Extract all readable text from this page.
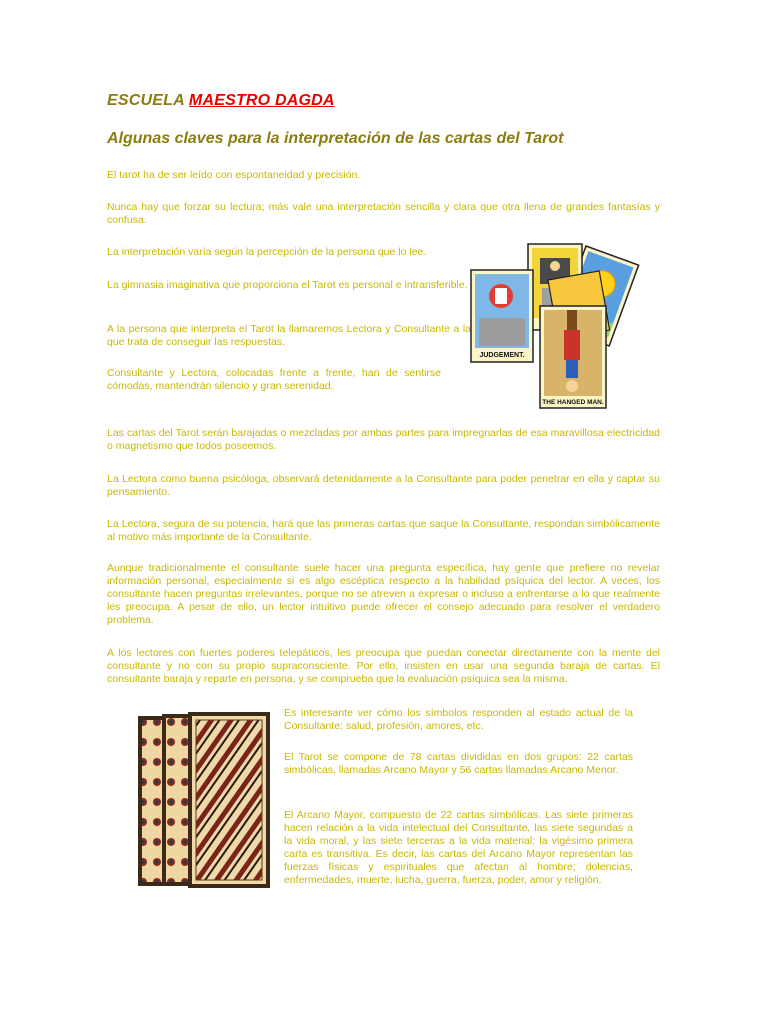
ESCUELA MAESTRO DAGDA

Algunas claves para la interpretación de las cartas del Tarot

El tarot ha de ser leído con espontaneidad y precisión.

Nunca hay que forzar su lectura; más vale una interpretación sencilla y clara que otra llena de grandes fantasías y confusa.

La interpretación varía según la percepción de la persona que lo lee.

La gimnasia imaginativa que proporciona el Tarot es personal e intransferible.

A la persona que interpreta el Tarot la llamaremos Lectora y Consultante a la que trata de conseguir las respuestas.

Consultante y Lectora, colocadas frente a frente, han de sentirse cómodas, mantendrán silencio y gran serenidad.

JUDGEMENT.
THE HANGED MAN.

Las cartas del Tarot serán barajadas o mezcladas por ambas partes para impregnarlas de esa maravillosa electricidad o magnetismo que todos poseemos.

La Lectora como buena psicóloga, observará detenidamente a la Consultante para poder penetrar en ella y captar su pensamiento.

La Lectora, segura de su potencia, hará que las primeras cartas que saque la Consultante, respondan simbólicamente al motivo más importante de la Consultante.

Aunque tradicionalmente el consultante suele hacer una pregunta específica, hay gente que prefiere no revelar información personal, especialmente si es algo escéptica respecto a la habilidad psíquica del lector. A veces, los consultante hacen preguntas irrelevantes, porque no se atreven a expresar o incluso a enfrentarse a lo que realmente les preocupa. A pesar de ello, un lector intuitivo puede ofrecer el consejo adecuado para resolver el verdadero problema.

A los lectores con fuertes poderes telepáticos, les preocupa que puedan conectar directamente con la mente del consultante y no con su propio supraconsciente. Por ello, insisten en usar una segunda baraja de cartas. El consultante baraja y reparte en persona, y se comprueba que la evaluación psíquica sea la misma.

Es interesante ver cómo los símbolos responden al estado actual de la Consultante: salud, profesión, amores, etc.

El Tarot se compone de 78 cartas divididas en dos grupos: 22 cartas simbólicas, llamadas Arcano Mayor y 56 cartas llamadas Arcano Menor.

El Arcano Mayor, compuesto de 22 cartas simbólicas. Las siete primeras hacen relación a la vida intelectual del Consultante, las siete segundas a la vida moral, y las siete terceras a la vida material; la vigésimo primera carta es transitiva. Es decir, las cartas del Arcano Mayor representan las fuerzas físicas y espirituales que afectan al hombre; dolencias, enfermedades, muerte, lucha, guerra, fuerza, poder, amor y religión.
